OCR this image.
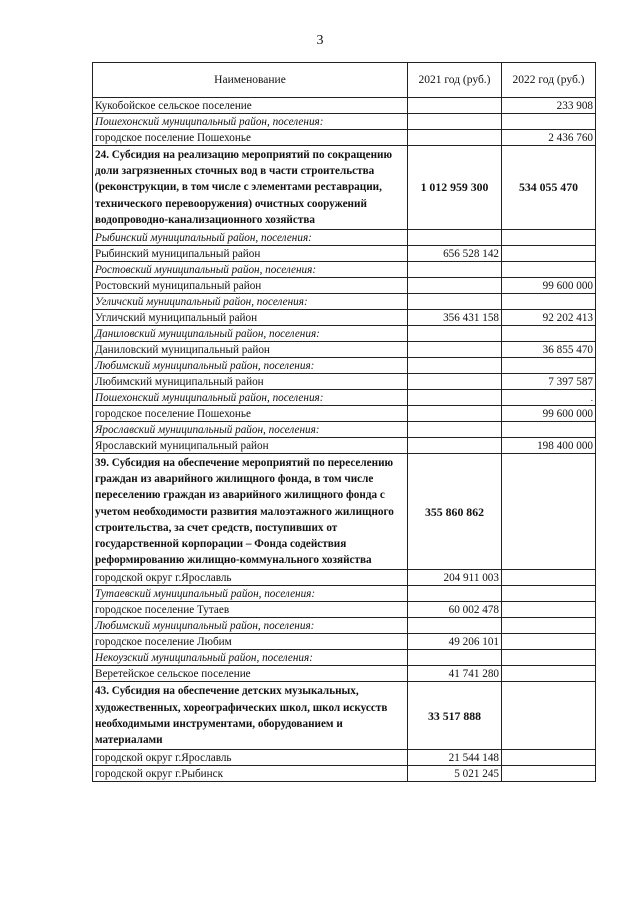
3
Наименование	2021 год (руб.)	2022 год (руб.)
Кукобойское сельское поселение		233 908
Пошехонский муниципальный район, поселения:		
городское поселение Пошехонье		2 436 760
24. Субсидия на реализацию мероприятий по сокращению доли загрязненных сточных вод в части строительства (реконструкции, в том числе с элементами реставрации, технического перевооружения) очистных сооружений водопроводно-канализационного хозяйства	1 012 959 300	534 055 470
Рыбинский муниципальный район, поселения:		
Рыбинский муниципальный район	656 528 142	
Ростовский муниципальный район, поселения:		
Ростовский муниципальный район		99 600 000
Угличский муниципальный район, поселения:		
Угличский муниципальный район	356 431 158	92 202 413
Даниловский муниципальный район, поселения:		
Даниловский муниципальный район		36 855 470
Любимский муниципальный район, поселения:		
Любимский муниципальный район		7 397 587
Пошехонский муниципальный район, поселения:		.

городское поселение Пошехонье		99 600 000
Ярославский муниципальный район, поселения:		
Ярославский муниципальный район		198 400 000
39. Субсидия на обеспечение мероприятий по переселению граждан из аварийного жилищного фонда, в том числе переселению граждан из аварийного жилищного фонда с учетом необходимости развития малоэтажного жилищного строительства, за счет средств, поступивших от государственной корпорации – Фонда содействия реформированию жилищно-коммунального хозяйства	355 860 862	
городской округ г.Ярославль	204 911 003	
Тутаевский муниципальный район, поселения:		
городское поселение Тутаев	60 002 478	
Любимский муниципальный район, поселения:		
городское поселение Любим	49 206 101	
Некоузский муниципальный район, поселения:		
Веретейское сельское поселение	41 741 280	
43. Субсидия на обеспечение детских музыкальных, художественных, хореографических школ, школ искусств необходимыми инструментами, оборудованием и материалами	33 517 888	
городской округ г.Ярославль	21 544 148	
городской округ г.Рыбинск	5 021 245	
